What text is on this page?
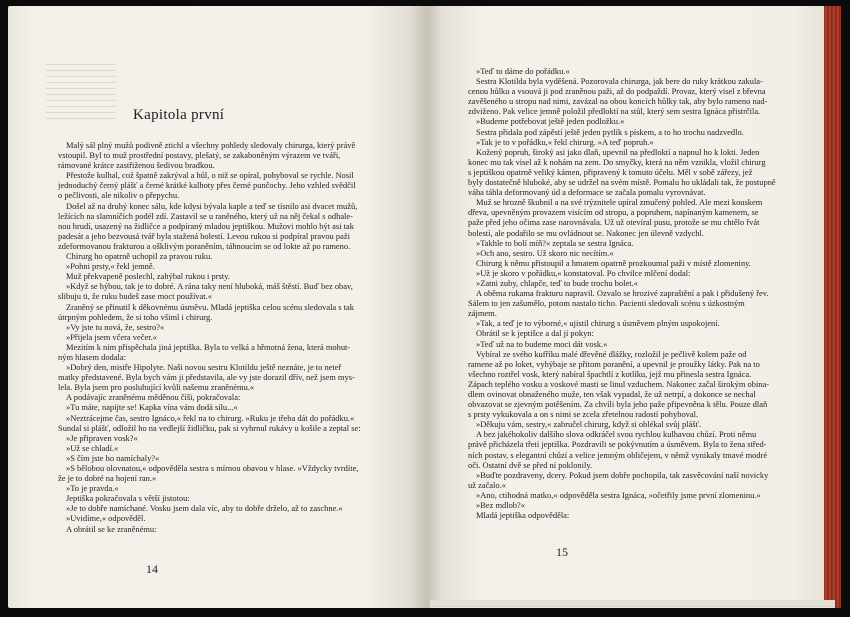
Kapitola první
Malý sál plný mužů podivně ztichl a všechny pohledy sledovaly chirurga, který právě
vstoupil. Byl to muž prostřední postavy, plešatý, se zakaboněným výrazem ve tváři,
rámované krátce zastřiženou šedivou bradkou.
Přestože kulhal, což špatně zakrýval a hůl, o niž se opíral, pohyboval se rychle. Nosil
jednoduchý černý plášť a černé krátké kalhoty přes černé punčochy. Jeho vzhled svědčil
o pečlivosti, ale nikoliv o přepychu.
Došel až na druhý konec sálu, kde kdysi bývala kaple a teď se tísnilo asi dvacet mužů,
ležících na slamníčích podél zdí. Zastavil se u raněného, který už na něj čekal s odhale-
nou hrudí, usazený na židličce a podpíraný mladou jeptiškou. Mužovi mohlo být asi tak
padesát a jeho bezvousá tvář byla stažená bolestí. Levou rukou si podpíral pravou paži
zdeformovanou frakturou a ošklivým poraněním, táhnoucím se od lokte až po rameno.
Chirurg ho opatrně uchopil za pravou ruku.
»Pohni prsty,« řekl jemně.
Muž překvapeně poslechl, zahýbal rukou i prsty.
»Když se hýbou, tak je to dobré. A rána taky není hluboká, máš štěstí. Buď bez obav,
slibuju ti, že ruku budeš zase moct používat.«
Zraněný se přinutil k děkovnému úsměvu. Mladá jeptiška celou scénu sledovala s tak
útrpným pohledem, že si toho všiml i chirurg.
»Vy jste tu nová, že, sestro?«
»Přijela jsem včera večer.«
Mezitím k nim přispěchala jiná jeptiška. Byla to velká a hřmotná žena, která mohut-
ným hlasem dodala:
»Dobrý den, mistře Hipolyte. Naši novou sestru Klotildu ještě neznáte, je to neteř
matky představené. Byla bych vám ji představila, ale vy jste dorazil dřív, než jsem mys-
lela. Byla jsem pro posluhující kvůli našemu zraněnému.«
A podávajíc zraněnému měděnou číši, pokračovala:
»Tu máte, napijte se! Kapka vína vám dodá sílu...«
»Neztrácejme čas, sestro Ignáco,« řekl na to chirurg. »Ruku je třeba dát do pořádku.«
Sundal si plášť, odložil ho na vedlejší židličku, pak si vyhrnul rukávy u košile a zeptal se:
»Je připraven vosk?«
»Už se chladí.«
»S čím jste ho namíchaly?«
»S bělobou olovnatou,« odpověděla sestra s mírnou obavou v hlase. »Vždycky tvrdíte,
že je to dobré na hojení ran.«
»To je pravda.«
Jeptiška pokračovala s větší jistotou:
»Je to dobře namíchané. Vosku jsem dala víc, aby to dobře drželo, až to zaschne.«
»Uvidíme,« odpověděl.
A obrátil se ke zraněnému:
14
»Teď to dáme do pořádku.«
Sestra Klotilda byla vyděšená. Pozorovala chirurga, jak bere do ruky krátkou zakula-
cenou hůlku a vsouvá ji pod zraněnou paži, až do podpaždí. Provaz, který visel z břevna
zavěšeného u stropu nad nimi, zavázal na obou koncích hůlky tak, aby bylo rameno nad-
zdviženo. Pak velice jemně položil předloktí na stůl, který sem sestra Ignáca přistrčila.
»Budeme potřebovat ještě jeden podložku.«
Sestra přidala pod zápěstí ještě jeden pytlík s pískem, a to ho trochu nadzvedlo.
»Tak je to v pořádku,« řekl chirurg. »A teď popruh.«
Kožený popruh, široký asi jako dlaň, upevnil na předloktí a napnul ho k lokti. Jeden
konec mu tak visel až k nohám na zem. Do smyčky, která na něm vznikla, vložil chirurg
s jeptiškou opatrně veliký kámen, připravený k tomuto účelu. Měl v sobě zářezy, jež
byly dostatečně hluboké, aby se udržel na svém místě. Pomalu ho ukládali tak, že postupně
váha táhla deformovaný úd a deformace se začala pomalu vyrovnávat.
Muž se hrozně škubnil a na své trýznitele upíral zmučený pohled. Ale mezi kouskem
dřeva, upevněným provazem visícím od stropu, a popruhem, napínaným kamenem, se
paže před jeho očima zase narovnávala. Už už otevíral pusu, protože se mu chtělo řvát
bolestí, ale podařilo se mu ovládnout se. Nakonec jen úlevně vzdychl.
»Takhle to bolí míň?« zeptala se sestra Ignáca.
»Och ano, sestro. Už skoro nic necítím.«
Chirurg k němu přistoupil a hmatem opatrně prozkoumal paži v místě zlomeniny.
»Už je skoro v pořádku,« konstatoval. Po chvilce mlčení dodal:
»Zatni zuby, chlapče, teď to bude trochu bolet.«
A oběma rukama frakturu napravil. Ozvalo se hrozivé zapraštění a pak i přidušený řev.
Sálem to jen zašumělo, potom nastalo ticho. Pacienti sledovali scénu s úzkostným
zájmem.
»Tak, a teď je to výborné,« ujistil chirurg s úsměvem plným uspokojení.
Obrátil se k jeptišce a dal jí pokyn:
»Teď už na to budeme moci dát vosk.«
Vybíral ze svého kufříku malé dřevěné dlážky, rozložil je pečlivě kolem paže od
ramene až po loket, vyhýbaje se přitom poranění, a upevnil je proužky látky. Pak na to
všechno roztřel vosk, který nabíral špachtlí z kotlíku, jejž mu přinesla sestra Ignáca.
Zápach teplého vosku a voskové masti se linul vzduchem. Nakonec začal širokým obina-
dlem ovinovat obnaženého muže, ten však vypadal, že už netrpí, a dokonce se nechal
obvazovat se zjevným potěšením. Za chvíli byla jeho paže připevněna k tělu. Pouze dlaň
s prsty vykukovala a on s nimi se zcela zřetelnou radostí pohyboval.
»Děkuju vám, sestry,« zabručel chirurg, když si oblékal svůj plášť.
A bez jakéhokoliv dalšího slova odkráčel svou rychlou kulhavou chůzí. Proti němu
právě přicházela třetí jeptiška. Pozdravili se pokývnutím a úsměvem. Byla to žena střed-
ních postav, s elegantní chůzí a velice jemným obličejem, v němž vynikaly tmavé modré
oči. Ostatní dvě se před ní poklonily.
»Buďte pozdraveny, dcery. Pokud jsem dobře pochopila, tak zasvěcování naší novicky
už začalo.«
»Ano, ctihodná matko,« odpověděla sestra Ignáca, »očetřily jsme první zlomeninu.«
»Bez mdlob?«
Mladá jeptiška odpověděla:
15
